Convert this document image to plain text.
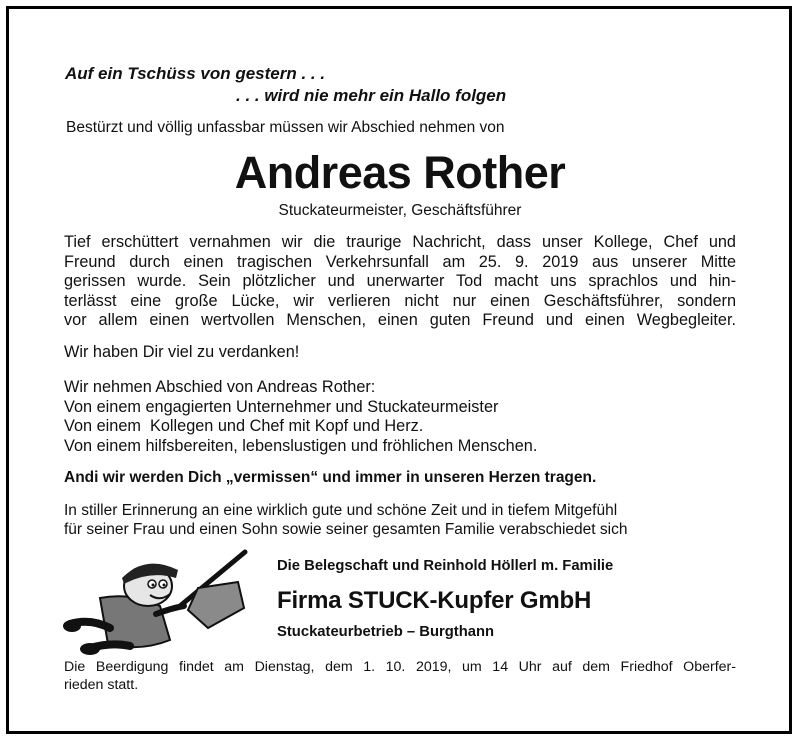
Auf ein Tschüss von gestern . . .
. . . wird nie mehr ein Hallo folgen
Bestürzt und völlig unfassbar müssen wir Abschied nehmen von
Andreas Rother
Stuckateurmeister, Geschäftsführer
Tief erschüttert vernahmen wir die traurige Nachricht, dass unser Kollege, Chef und
Freund durch einen tragischen Verkehrsunfall am 25. 9. 2019 aus unserer Mitte
gerissen wurde. Sein plötzlicher und unerwarter Tod macht uns sprachlos und hin-
terlässt eine große Lücke, wir verlieren nicht nur einen Geschäftsführer, sondern
vor allem einen wertvollen Menschen, einen guten Freund und einen Wegbegleiter.
Wir haben Dir viel zu verdanken!
Wir nehmen Abschied von Andreas Rother:
Von einem engagierten Unternehmer und Stuckateurmeister
Von einem  Kollegen und Chef mit Kopf und Herz.
Von einem hilfsbereiten, lebenslustigen und fröhlichen Menschen.
Andi wir werden Dich „vermissen“ und immer in unseren Herzen tragen.
In stiller Erinnerung an eine wirklich gute und schöne Zeit und in tiefem Mitgefühl
für seiner Frau und einen Sohn sowie seiner gesamten Familie verabschiedet sich
Die Belegschaft und Reinhold Höllerl m. Familie
Firma STUCK-Kupfer GmbH
Stuckateurbetrieb – Burgthann
Die Beerdigung findet am Dienstag, dem 1. 10. 2019, um 14 Uhr auf dem Friedhof Oberfer-
rieden statt.
